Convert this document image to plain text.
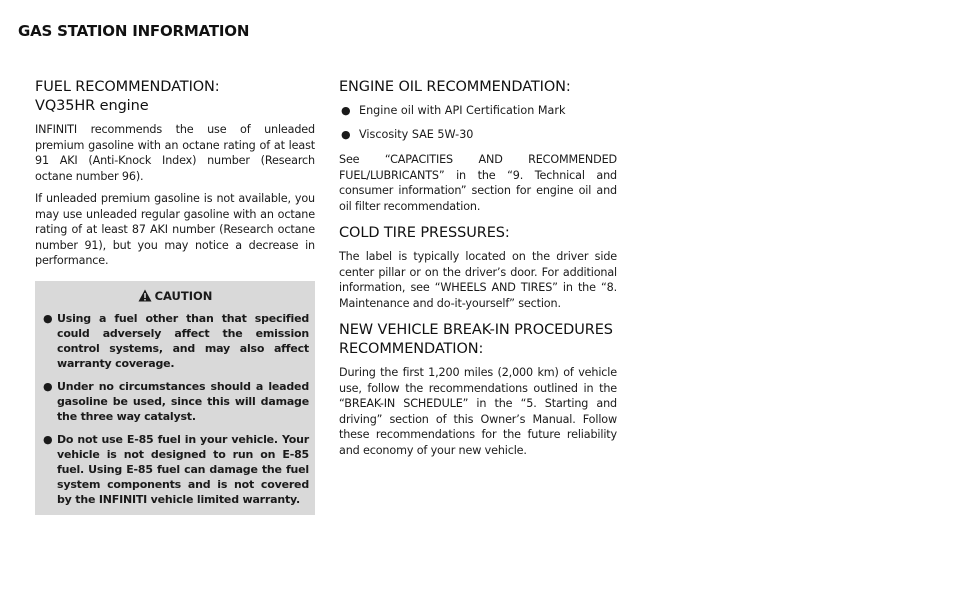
GAS STATION INFORMATION
FUEL RECOMMENDATION:
VQ35HR engine

INFINITI recommends the use of unleaded premium gasoline with an octane rating of at least 91 AKI (Anti-Knock Index) number (Research octane number 96).

If unleaded premium gasoline is not available, you may use unleaded regular gasoline with an octane rating of at least 87 AKI number (Research octane number 91), but you may notice a decrease in performance.

CAUTION
● Using a fuel other than that specified could adversely affect the emission control systems, and may also affect warranty coverage.
● Under no circumstances should a leaded gasoline be used, since this will damage the three way catalyst.
● Do not use E-85 fuel in your vehicle. Your vehicle is not designed to run on E-85 fuel. Using E-85 fuel can damage the fuel system components and is not covered by the INFINITI vehicle limited warranty.
ENGINE OIL RECOMMENDATION:
● Engine oil with API Certification Mark
● Viscosity SAE 5W-30

See “CAPACITIES AND RECOMMENDED FUEL/LUBRICANTS” in the “9. Technical and consumer information” section for engine oil and oil filter recommendation.

COLD TIRE PRESSURES:

The label is typically located on the driver side center pillar or on the driver’s door. For additional information, see “WHEELS AND TIRES” in the “8. Maintenance and do-it-yourself” section.

NEW VEHICLE BREAK-IN PROCEDURES
RECOMMENDATION:

During the first 1,200 miles (2,000 km) of vehicle use, follow the recommendations outlined in the “BREAK-IN SCHEDULE” in the “5. Starting and driving” section of this Owner’s Manual. Follow these recommendations for the future reliability and economy of your new vehicle.
